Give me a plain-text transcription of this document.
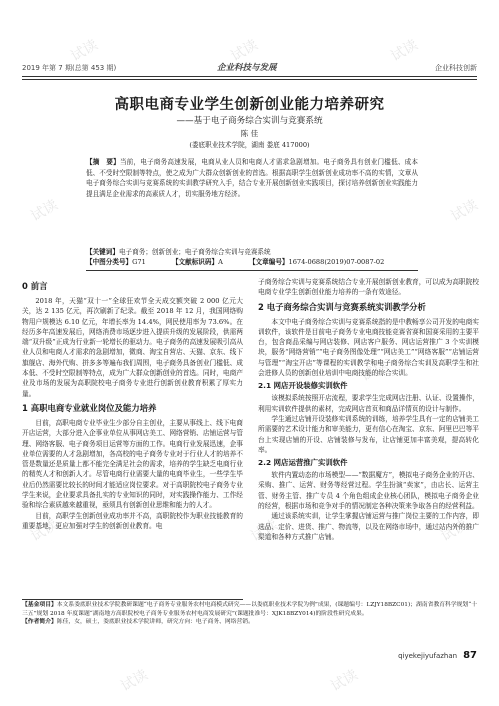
试读	试读	试读
试读	试读
试读	试读
试读	试读	试读
试读	试读
2019 年第 7 期(总第 453 期)	企业科技与发展	企业科技创新
高职电商专业学生创新创业能力培养研究
——基于电子商务综合实训与竞赛系统
陈 佳
(娄底职业技术学院，湖南 娄底 417000)
【摘　要】当前，电子商务高速发展，电商从业人员和电商人才需求急剧增加。电子商务具有创业门槛低、成本低、不受时空限制等特点，使之成为广大群众创新创业的首选。根据高职学生创新创业成功率不高的实情，文章从电子商务综合实训与竞赛系统的实训教学研究入手，结合专业开展创新创业实践项目，探讨培养创新创业实践能力提且满足企业需求的高素质人才，切实服务地方经济。
【关键词】电子商务；创新创业；电子商务综合实训与竞赛系统
【中图分类号】G71	【文献标识码】A	【文章编号】1674-0688(2019)07-0087-02
0 前言

2018 年，天猫“双十一”全球狂欢节全天成交额突破 2 000 亿元大关，达 2 135 亿元，再次刷新了纪录。截至 2018 年 12 月，我国网络购物用户规模达 6.10 亿元，年增长率为 14.4%，网民使用率为 73.6%。在经历多年高速发展后，网络消费市场逐步进入提质升级的发展阶段，供需两端“双升级”正成为行业新一轮增长的驱动力。电子商务的高速发展吸引高从业人员和电商人才需求的急剧增加，微商、淘宝自营店、天猫、京东、线下旗舰店、海外代购、拼多多等遍布我们周围，电子商务具备创业门槛低、成本低、不受时空限制等特点，成为广大群众创新创业的首选。同时，电商产业及市场的发展为高职院校电子商务专业进行创新创业教育积累了厚实力量。

1 高职电商专业就业岗位及能力培养

目前，高职电商专业毕业生少部分自主创业，主要从事线上、线下电商开店运营，大部分进入企事业单位从事网店美工、网络营销、店铺运营与管理、网络客服、电子商务项目运营等方面的工作。电商行业发展迅速，企事业单位需要的人才急剧增加，各高校的电子商务专业对于行业人才的培养不管是数量还是质量上都不能完全满足社会的需求，培养的学生缺乏电商行业的精英人才和创新人才。尽管电商行业需要大量的电商毕业生，一些学生毕业后仍然需要比较长的时间才能适应岗位要求。对于高职院校电子商务专业学生来说，企业要求具备扎实的专业知识的同时，对实践操作能力、工作经验和综合素质越来越重视，亟须具有创新创业思维和能力的人才。

目前，高职学生创新创业成功率并不高，高职院校作为职业技能教育的重要基地，更应加强对学生的创新创业教育。电

子商务综合实训与竞赛系统结合专业开展创新创业教育，可以成为高职院校电商专业学生创新创业能力培养的一条有效途径。

2 电子商务综合实训与竞赛系统实训教学分析

本文中电子商务综合实训与竞赛系统指的是中教畅享公司开发的电商实训软件，该软件是目前电子商务专业电商技能竞赛省赛和国赛采用的主要平台，包含商品采编与网店装修、网店客户服务、网店运营推广 3 个实训模块，服务“网络营销”“电子商务图像处理”“网店美工”“网络客服”“店铺运营与管理”“淘宝开店”等课程的实训教学和电子商务综合实训及高职学生和社会进修人员的创新创业培训中电商技能的综合实训。

2.1 网店开设装修实训软件

该模拟系统按照开店流程，要求学生完成网店注册、认证、设置操作，利用实训软件提供的素材，完成网店首页和商品详情页的设计与制作。

学生通过店铺开设装修实训系统的训练，培养学生具有一定的店铺美工所需要的艺术设计能力和审美能力，更有信心在淘宝、京东、阿里巴巴等平台上实现店铺的开设、店铺装修与发布，让店铺更加丰富美观，提高转化率。

2.2 网店运营推广实训软件

软件内置动态的市场模型——“数据魔方”，模拟电子商务企业的开店、采购、推广、运营、财务等经营过程。学生扮演“卖家”，由店长、运营主管、财务主管、推广专员 4 个角色组成企业核心团队，模拟电子商务企业的经营，根据市场和竞争对手的情况制定各种决策来争取各自的经营利益。

通过该系统实训，让学生掌握店铺运营与推广岗位主要的工作内容，即选品、定价、进货、推广、物流等，以及在网络市场中，通过站内外的推广渠道和各种方式推广店铺。

【基金项目】本文系娄底职业技术学院教研课题“电子商务专业服务农村电商模式研究——以娄底职业技术学院为例”成果，(课题编号：LZJY18BZC01)；湖南省教育科学规划“十三五”规划 2018 年度课题“湖南地方高职院校电子商务专业服务农村电商发展研究”(课题批准号：XJK18BZY014)的阶段性研究成果。
【作者简介】陈佳，女，硕士，娄底职业技术学院讲师，研究方向：电子商务、网络营销。
qiyekejiyufazhan 87
